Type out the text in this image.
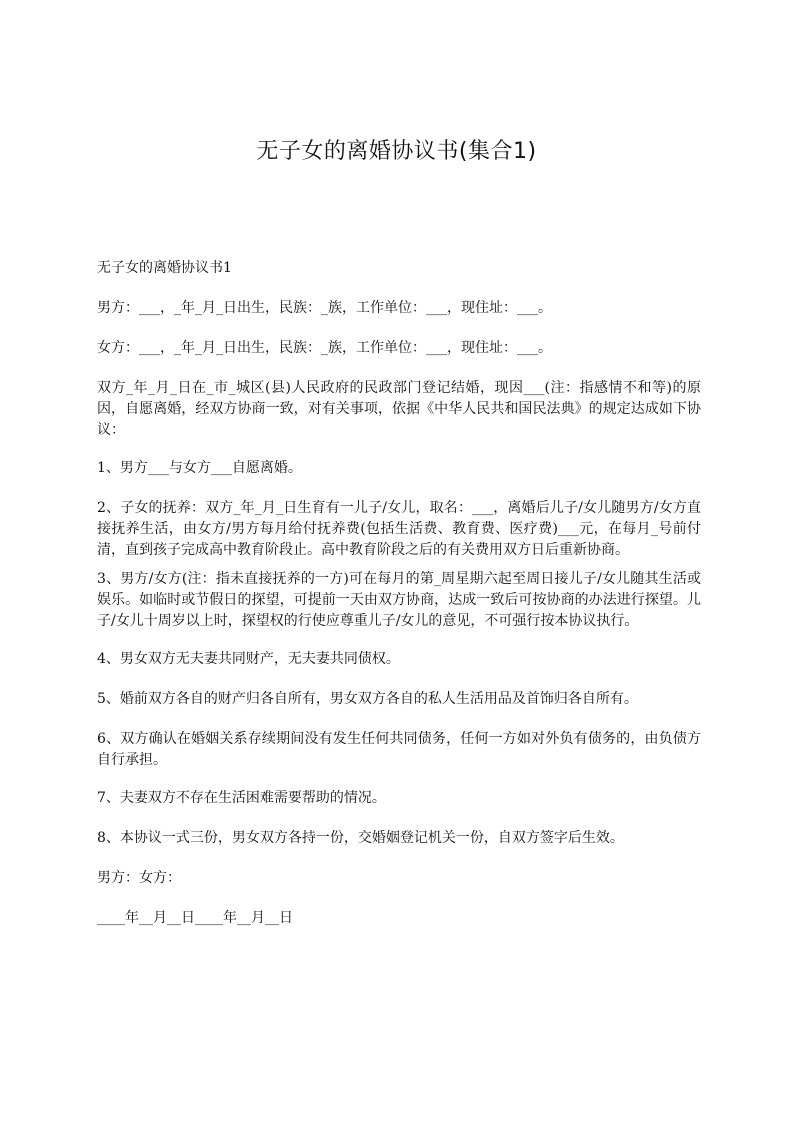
无子女的离婚协议书(集合1)

无子女的离婚协议书1

男方：___，_年_月_日出生，民族：_族，工作单位：___，现住址：___。

女方：___，_年_月_日出生，民族：_族，工作单位：___，现住址：___。

双方_年_月_日在_市_城区(县)人民政府的民政部门登记结婚，现因___(注：指感情不和等)的原因，自愿离婚，经双方协商一致，对有关事项，依据《中华人民共和国民法典》的规定达成如下协议：

1、男方___与女方___自愿离婚。

2、子女的抚养：双方_年_月_日生育有一儿子/女儿，取名：___，离婚后儿子/女儿随男方/女方直接抚养生活，由女方/男方每月给付抚养费(包括生活费、教育费、医疗费)___元，在每月_号前付清，直到孩子完成高中教育阶段止。高中教育阶段之后的有关费用双方日后重新协商。

3、男方/女方(注：指未直接抚养的一方)可在每月的第_周星期六起至周日接儿子/女儿随其生活或娱乐。如临时或节假日的探望，可提前一天由双方协商，达成一致后可按协商的办法进行探望。儿子/女儿十周岁以上时，探望权的行使应尊重儿子/女儿的意见，不可强行按本协议执行。

4、男女双方无夫妻共同财产，无夫妻共同债权。

5、婚前双方各自的财产归各自所有，男女双方各自的私人生活用品及首饰归各自所有。

6、双方确认在婚姻关系存续期间没有发生任何共同债务，任何一方如对外负有债务的，由负债方自行承担。

7、夫妻双方不存在生活困难需要帮助的情况。

8、本协议一式三份，男女双方各持一份，交婚姻登记机关一份，自双方签字后生效。

男方：女方：

____年__月__日____年__月__日
